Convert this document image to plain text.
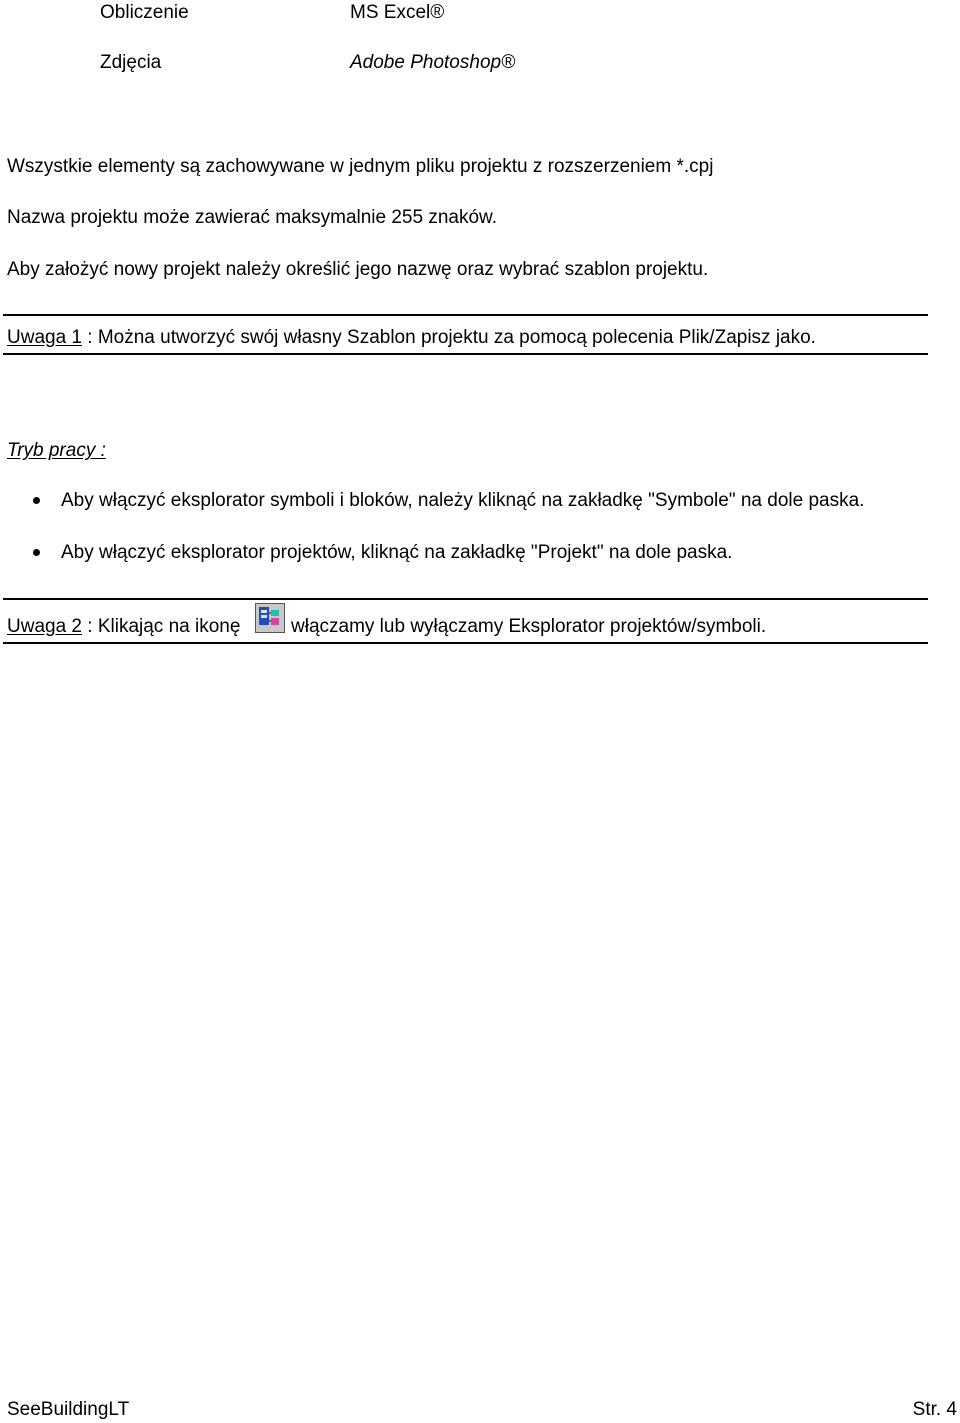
Obliczenie	MS Excel®
Zdjęcia	Adobe Photoshop®
Wszystkie elementy są zachowywane w jednym pliku projektu z rozszerzeniem *.cpj
Nazwa projektu może zawierać maksymalnie 255 znaków.
Aby założyć nowy projekt należy określić jego nazwę oraz wybrać szablon projektu.
Uwaga 1 : Można utworzyć swój własny Szablon projektu za pomocą polecenia Plik/Zapisz jako.
Tryb pracy :
Aby włączyć eksplorator symboli i bloków, należy kliknąć na zakładkę "Symbole" na dole paska.
Aby włączyć eksplorator projektów, kliknąć na zakładkę "Projekt" na dole paska.
Uwaga 2 : Klikając na ikonę	włączamy lub wyłączamy Eksplorator projektów/symboli.
SeeBuildingLT	Str. 4
